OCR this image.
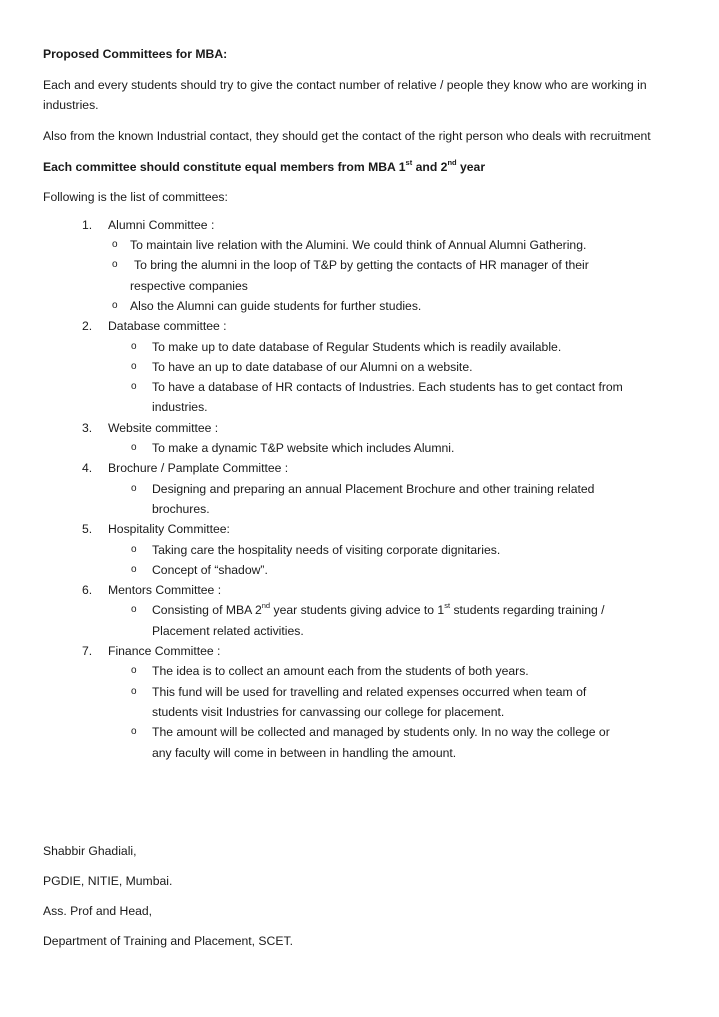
Proposed Committees for MBA:

Each and every students should try to give the contact number of relative / people they know who are working in industries.

Also from the known Industrial contact, they should get the contact of the right person who deals with recruitment

Each committee should constitute equal members from MBA 1st and 2nd year

Following is the list of committees:

1.	Alumni Committee :
o	To maintain live relation with the Alumini. We could think of Annual Alumni Gathering.
o	To bring the alumni in the loop of T&P by getting the contacts of HR manager of their
respective companies
o	Also the Alumni can guide students for further studies.
2.	Database committee :
o	To make up to date database of Regular Students which is readily available.
o	To have an up to date database of our Alumni on a website.
o	To have a database of HR contacts of Industries. Each students has to get contact from
industries.
3.	Website committee :
o	To make a dynamic T&P website which includes Alumni.
4.	Brochure / Pamplate Committee :
o	Designing and preparing an annual Placement Brochure and other training related
brochures.
5.	Hospitality Committee:
o	Taking care the hospitality needs of visiting corporate dignitaries.
o	Concept of “shadow”.
6.	Mentors Committee :
o	Consisting of MBA 2nd year students giving advice to 1st students regarding training /
Placement related activities.
7.	Finance Committee :
o	The idea is to collect an amount each from the students of both years.
o	This fund will be used for travelling and related expenses occurred when team of
students visit Industries for canvassing our college for placement.
o	The amount will be collected and managed by students only. In no way the college or
any faculty will come in between in handling the amount.
Shabbir Ghadiali,
PGDIE, NITIE, Mumbai.
Ass. Prof and Head,
Department of Training and Placement, SCET.
